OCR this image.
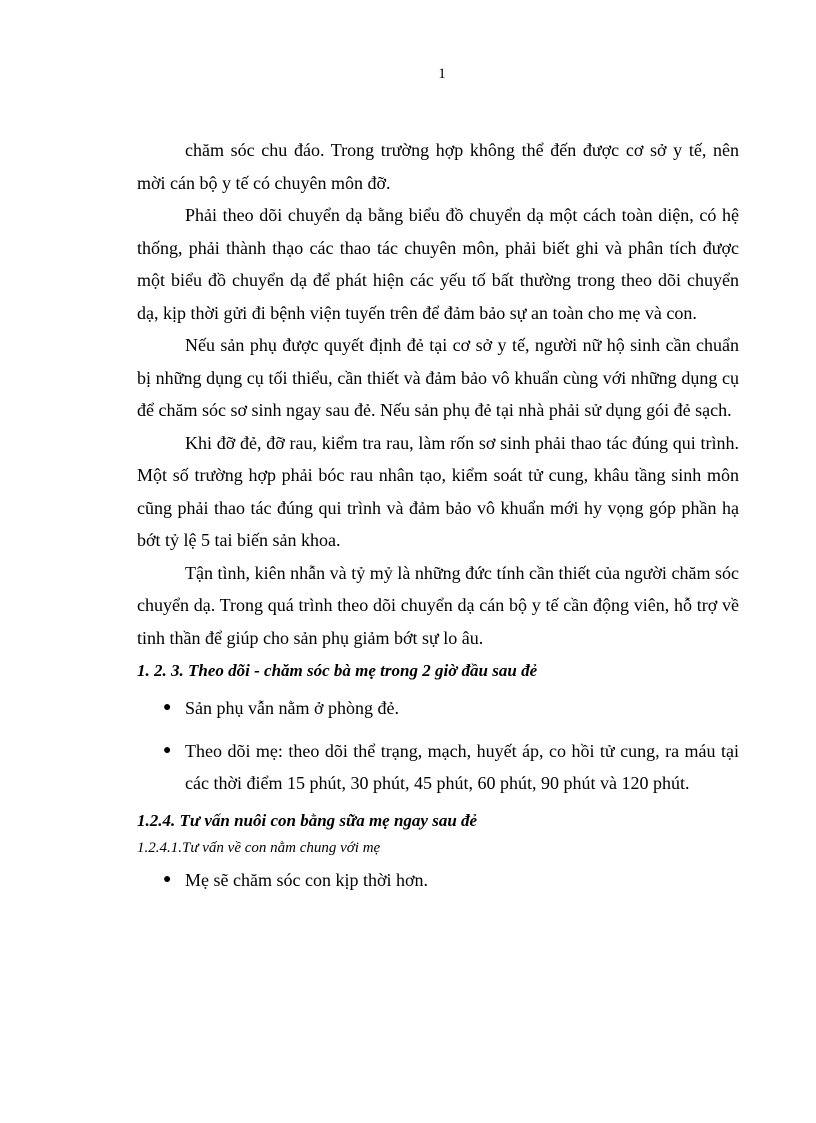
1

chăm sóc chu đáo. Trong trường hợp không thể đến được cơ sở y tế, nên mời cán bộ y tế có chuyên môn đỡ.

Phải theo dõi chuyển dạ bằng biểu đồ chuyển dạ một cách toàn diện, có hệ thống, phải thành thạo các thao tác chuyên môn, phải biết ghi và phân tích được một biểu đồ chuyển dạ để phát hiện các yếu tố bất thường trong theo dõi chuyển dạ, kịp thời gửi đi bệnh viện tuyến trên để đảm bảo sự an toàn cho mẹ và con.

Nếu sản phụ được quyết định đẻ tại cơ sở y tế, người nữ hộ sinh cần chuẩn bị những dụng cụ tối thiểu, cần thiết và đảm bảo vô khuẩn cùng với những dụng cụ để chăm sóc sơ sinh ngay sau đẻ. Nếu sản phụ đẻ tại nhà phải sử dụng gói đẻ sạch.

Khi đỡ đẻ, đỡ rau, kiểm tra rau, làm rốn sơ sinh phải thao tác đúng qui trình. Một số trường hợp phải bóc rau nhân tạo, kiểm soát tử cung, khâu tầng sinh môn cũng phải thao tác đúng qui trình và đảm bảo vô khuẩn mới hy vọng góp phần hạ bớt tỷ lệ 5 tai biến sản khoa.

Tận tình, kiên nhẫn và tỷ mỷ là những đức tính cần thiết của người chăm sóc chuyển dạ. Trong quá trình theo dõi chuyển dạ cán bộ y tế cần động viên, hỗ trợ về tinh thần để giúp cho sản phụ giảm bớt sự lo âu.

1. 2. 3. Theo dõi - chăm sóc bà mẹ trong 2 giờ đầu sau đẻ
● Sản phụ vẫn nằm ở phòng đẻ.
● Theo dõi mẹ: theo dõi thể trạng, mạch, huyết áp, co hồi tử cung, ra máu tại các thời điểm 15 phút, 30 phút, 45 phút, 60 phút, 90 phút và 120 phút.
1.2.4. Tư vấn nuôi con bằng sữa mẹ ngay sau đẻ

1.2.4.1.Tư vấn về con nằm chung với mẹ

● Mẹ sẽ chăm sóc con kịp thời hơn.
